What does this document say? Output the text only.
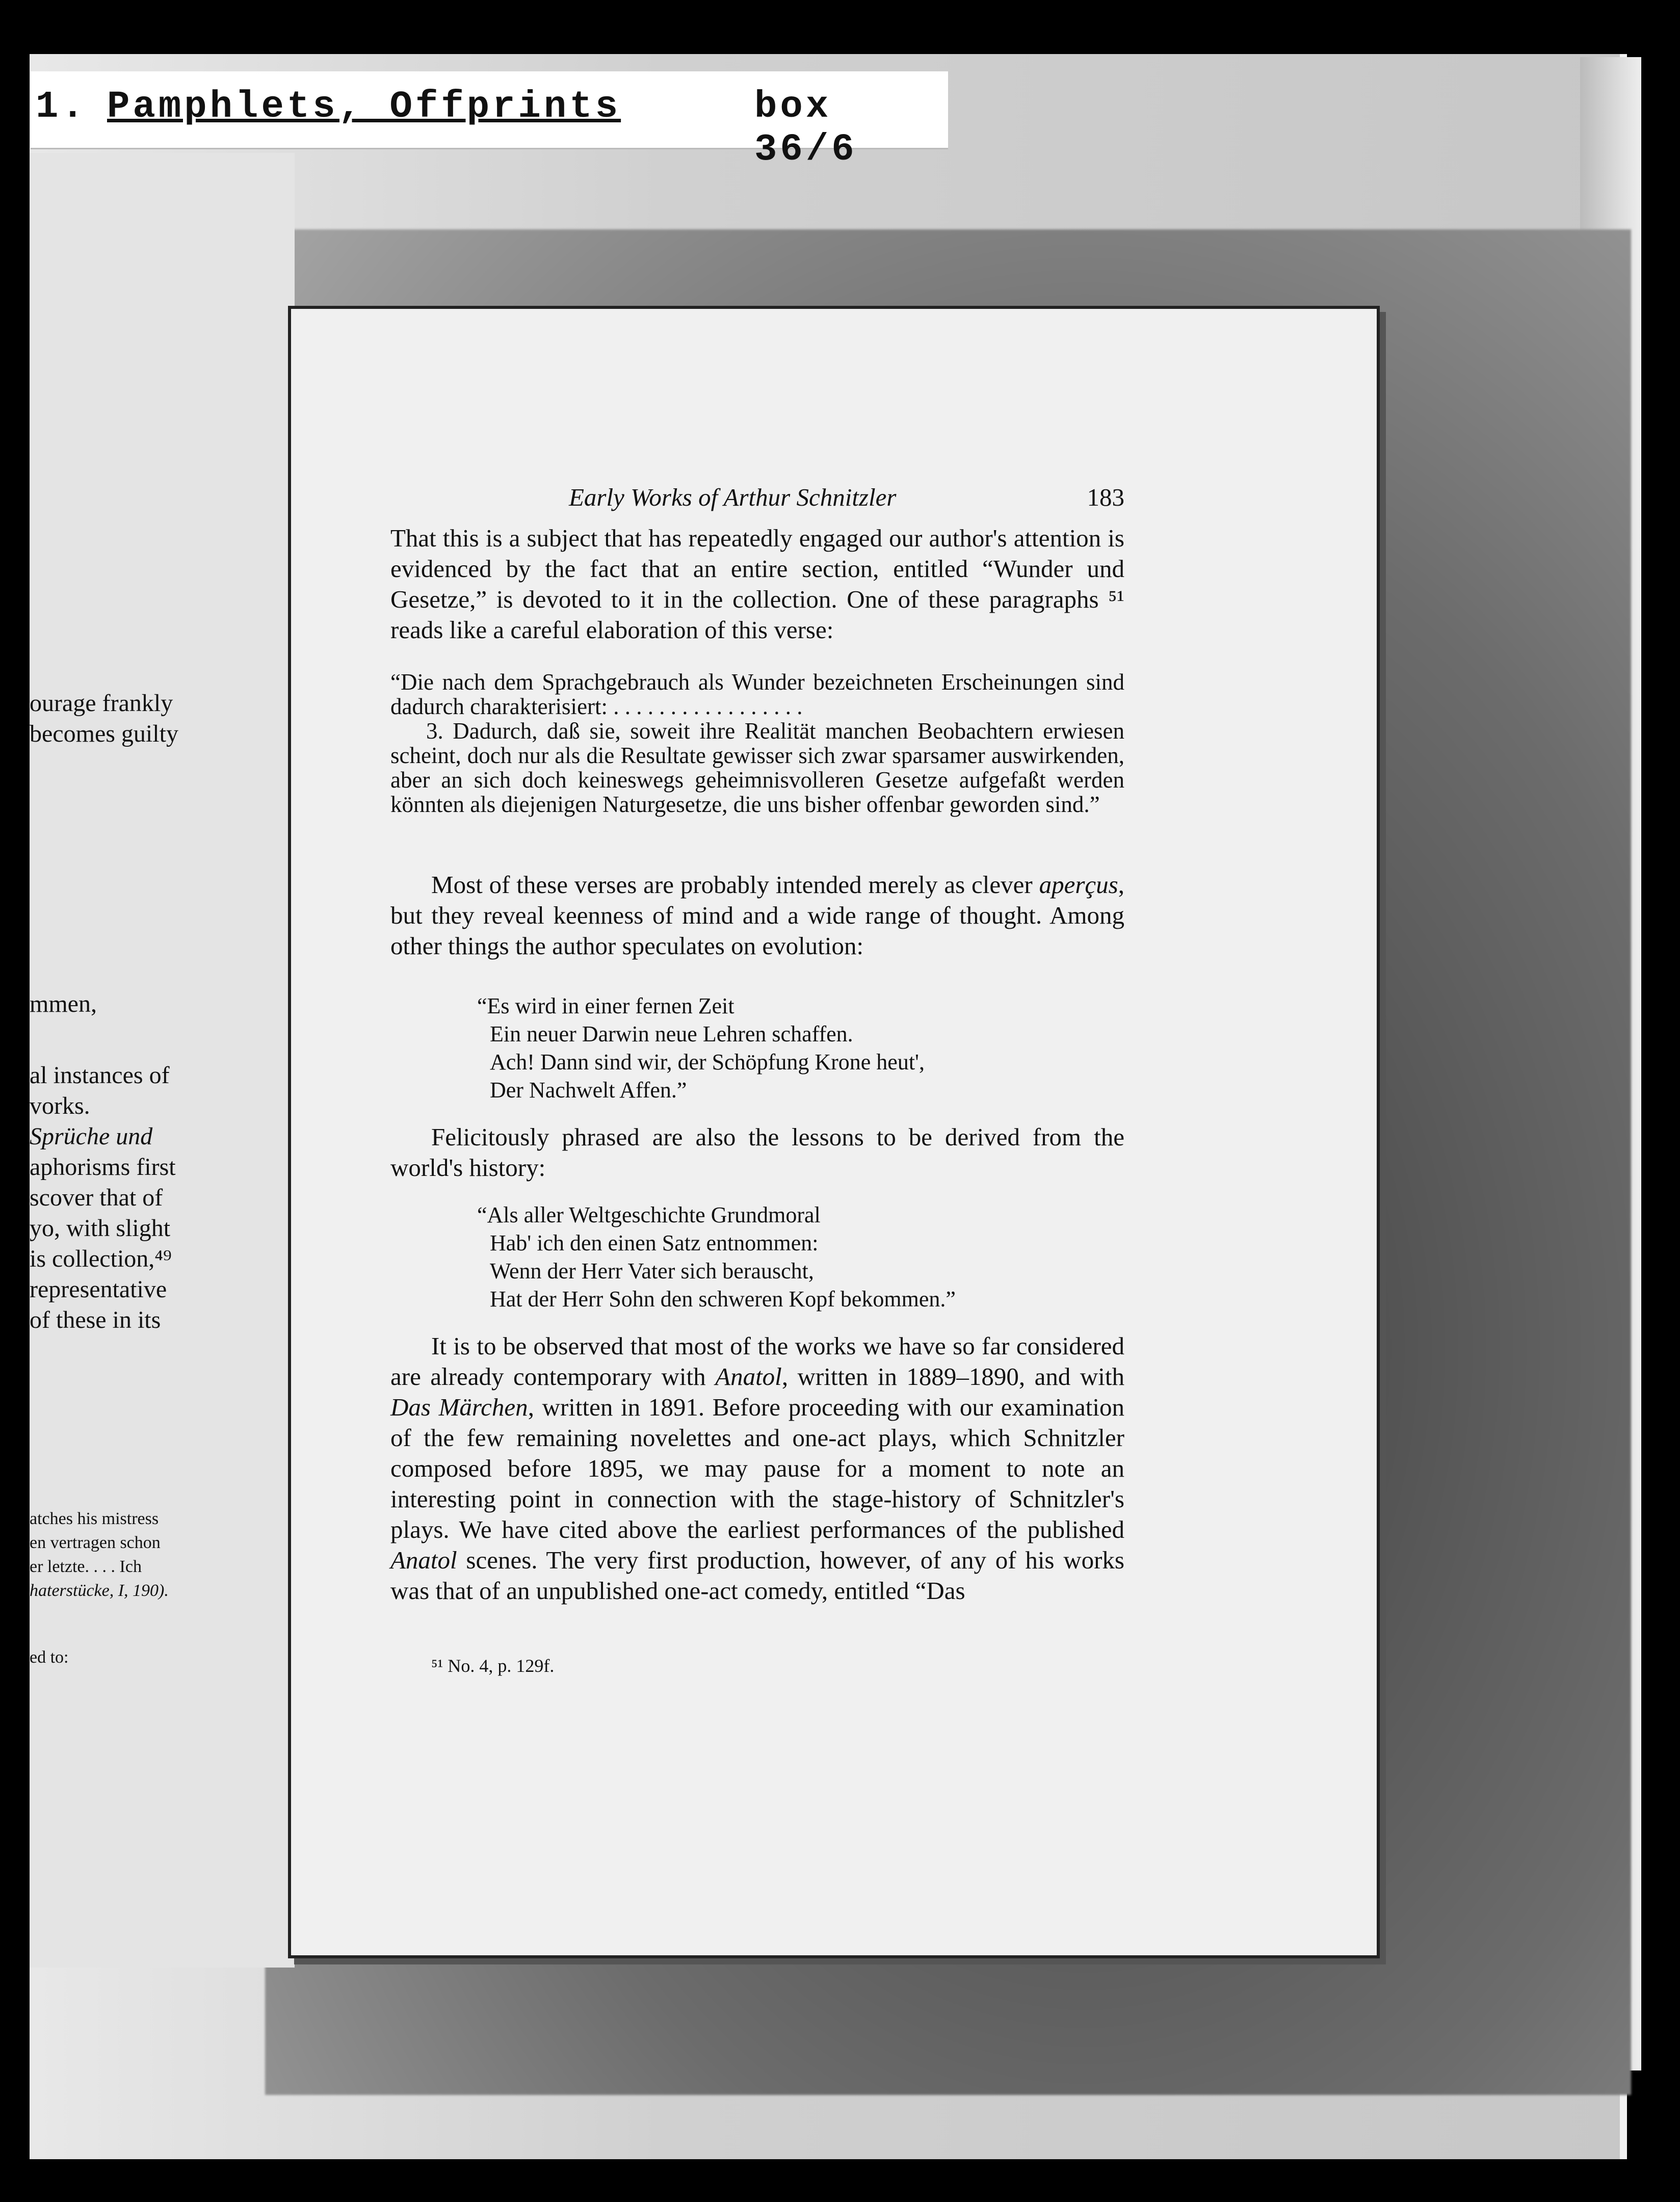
1. Pamphlets, Offprints	box 36/6
ourage frankly
becomes guilty
mmen,
al instances of
vorks.
Sprüche und
aphorisms first
scover that of
yo, with slight
is collection,⁴⁹
representative
of these in its
atches his mistress
en vertragen schon
er letzte. . . . Ich
haterstücke, I, 190).
ed to:
Early Works of Arthur Schnitzler	183
That this is a subject that has repeatedly engaged our author's attention is evidenced by the fact that an entire section, entitled “Wunder und Gesetze,” is devoted to it in the collection. One of these paragraphs ⁵¹ reads like a careful elaboration of this verse:
“Die nach dem Sprachgebrauch als Wunder bezeichneten Erscheinungen sind dadurch charakterisiert: . . . . . . . . . . . . . . . . .
3. Dadurch, daß sie, soweit ihre Realität manchen Beobachtern erwiesen scheint, doch nur als die Resultate gewisser sich zwar sparsamer auswirkenden, aber an sich doch keineswegs geheimnisvolleren Gesetze aufgefaßt werden könnten als diejenigen Naturgesetze, die uns bisher offenbar geworden sind.”
Most of these verses are probably intended merely as clever aperçus, but they reveal keenness of mind and a wide range of thought. Among other things the author speculates on evolution:
“Es wird in einer fernen Zeit
Ein neuer Darwin neue Lehren schaffen.
Ach! Dann sind wir, der Schöpfung Krone heut',
Der Nachwelt Affen.”
Felicitously phrased are also the lessons to be derived from the world's history:
“Als aller Weltgeschichte Grundmoral
Hab' ich den einen Satz entnommen:
Wenn der Herr Vater sich berauscht,
Hat der Herr Sohn den schweren Kopf bekommen.”
It is to be observed that most of the works we have so far considered are already contemporary with Anatol, written in 1889–1890, and with Das Märchen, written in 1891. Before proceeding with our examination of the few remaining novelettes and one-act plays, which Schnitzler composed before 1895, we may pause for a moment to note an interesting point in connection with the stage-history of Schnitzler's plays. We have cited above the earliest performances of the published Anatol scenes. The very first production, however, of any of his works was that of an unpublished one-act comedy, entitled “Das
⁵¹ No. 4, p. 129f.
